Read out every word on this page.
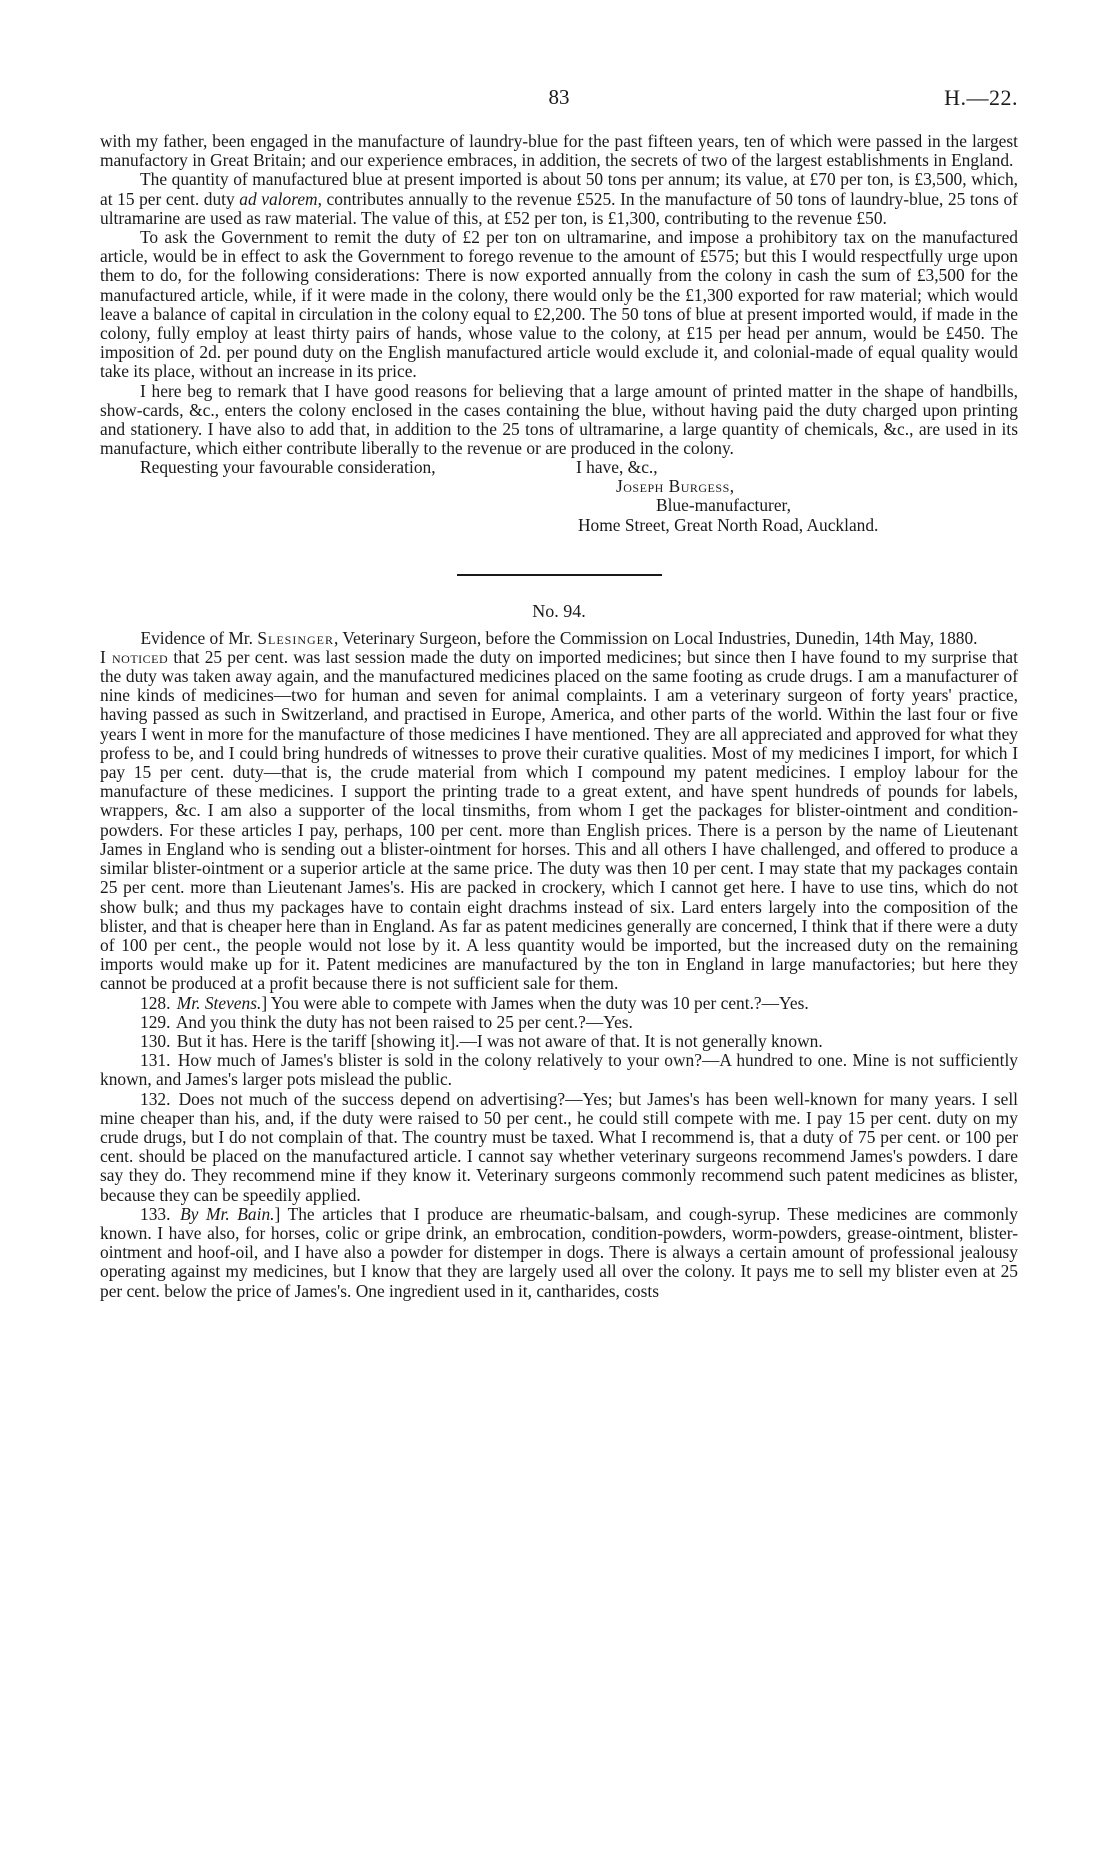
83	H.—22.

with my father, been engaged in the manufacture of laundry-blue for the past fifteen years, ten of which were passed in the largest manufactory in Great Britain; and our experience embraces, in addition, the secrets of two of the largest establishments in England.

The quantity of manufactured blue at present imported is about 50 tons per annum; its value, at £70 per ton, is £3,500, which, at 15 per cent. duty ad valorem, contributes annually to the revenue £525. In the manufacture of 50 tons of laundry-blue, 25 tons of ultramarine are used as raw material. The value of this, at £52 per ton, is £1,300, contributing to the revenue £50.

To ask the Government to remit the duty of £2 per ton on ultramarine, and impose a prohibitory tax on the manufactured article, would be in effect to ask the Government to forego revenue to the amount of £575; but this I would respectfully urge upon them to do, for the following considerations: There is now exported annually from the colony in cash the sum of £3,500 for the manufactured article, while, if it were made in the colony, there would only be the £1,300 exported for raw material; which would leave a balance of capital in circulation in the colony equal to £2,200. The 50 tons of blue at present imported would, if made in the colony, fully employ at least thirty pairs of hands, whose value to the colony, at £15 per head per annum, would be £450. The imposition of 2d. per pound duty on the English manufactured article would exclude it, and colonial-made of equal quality would take its place, without an increase in its price.

I here beg to remark that I have good reasons for believing that a large amount of printed matter in the shape of handbills, show-cards, &c., enters the colony enclosed in the cases containing the blue, without having paid the duty charged upon printing and stationery. I have also to add that, in addition to the 25 tons of ultramarine, a large quantity of chemicals, &c., are used in its manufacture, which either contribute liberally to the revenue or are produced in the colony.

Requesting your favourable consideration,	I have, &c.,
Joseph Burgess,
Blue-manufacturer,
Home Street, Great North Road, Auckland.
No. 94.
Evidence of Mr. Slesinger, Veterinary Surgeon, before the Commission on Local Industries, Dunedin, 14th May, 1880.

I noticed that 25 per cent. was last session made the duty on imported medicines; but since then I have found to my surprise that the duty was taken away again, and the manufactured medicines placed on the same footing as crude drugs. I am a manufacturer of nine kinds of medicines—two for human and seven for animal complaints. I am a veterinary surgeon of forty years' practice, having passed as such in Switzerland, and practised in Europe, America, and other parts of the world. Within the last four or five years I went in more for the manufacture of those medicines I have mentioned. They are all appreciated and approved for what they profess to be, and I could bring hundreds of witnesses to prove their curative qualities. Most of my medicines I import, for which I pay 15 per cent. duty—that is, the crude material from which I compound my patent medicines. I employ labour for the manufacture of these medicines. I support the printing trade to a great extent, and have spent hundreds of pounds for labels, wrappers, &c. I am also a supporter of the local tinsmiths, from whom I get the packages for blister-ointment and condition-powders. For these articles I pay, perhaps, 100 per cent. more than English prices. There is a person by the name of Lieutenant James in England who is sending out a blister-ointment for horses. This and all others I have challenged, and offered to produce a similar blister-ointment or a superior article at the same price. The duty was then 10 per cent. I may state that my packages contain 25 per cent. more than Lieutenant James's. His are packed in crockery, which I cannot get here. I have to use tins, which do not show bulk; and thus my packages have to contain eight drachms instead of six. Lard enters largely into the composition of the blister, and that is cheaper here than in England. As far as patent medicines generally are concerned, I think that if there were a duty of 100 per cent., the people would not lose by it. A less quantity would be imported, but the increased duty on the remaining imports would make up for it. Patent medicines are manufactured by the ton in England in large manufactories; but here they cannot be produced at a profit because there is not sufficient sale for them.

128. Mr. Stevens.] You were able to compete with James when the duty was 10 per cent.?—Yes.

129. And you think the duty has not been raised to 25 per cent.?—Yes.

130. But it has. Here is the tariff [showing it].—I was not aware of that. It is not generally known.

131. How much of James's blister is sold in the colony relatively to your own?—A hundred to one. Mine is not sufficiently known, and James's larger pots mislead the public.

132. Does not much of the success depend on advertising?—Yes; but James's has been well-known for many years. I sell mine cheaper than his, and, if the duty were raised to 50 per cent., he could still compete with me. I pay 15 per cent. duty on my crude drugs, but I do not complain of that. The country must be taxed. What I recommend is, that a duty of 75 per cent. or 100 per cent. should be placed on the manufactured article. I cannot say whether veterinary surgeons recommend James's powders. I dare say they do. They recommend mine if they know it. Veterinary surgeons commonly recommend such patent medicines as blister, because they can be speedily applied.

133. By Mr. Bain.] The articles that I produce are rheumatic-balsam, and cough-syrup. These medicines are commonly known. I have also, for horses, colic or gripe drink, an embrocation, condition-powders, worm-powders, grease-ointment, blister-ointment and hoof-oil, and I have also a powder for distemper in dogs. There is always a certain amount of professional jealousy operating against my medicines, but I know that they are largely used all over the colony. It pays me to sell my blister even at 25 per cent. below the price of James's. One ingredient used in it, cantharides, costs
